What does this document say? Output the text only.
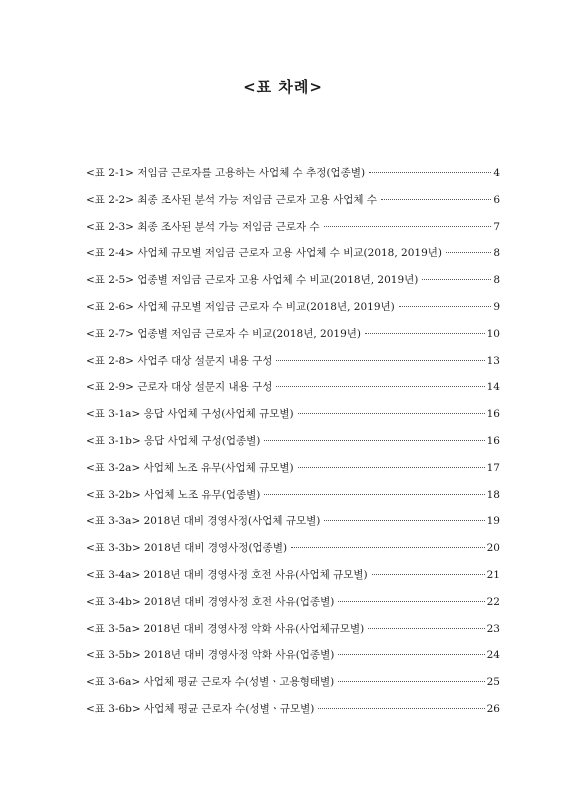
<표 차례>
<표 2-1> 저임금 근로자를 고용하는 사업체 수 추정(업종별)	4
<표 2-2> 최종 조사된 분석 가능 저임금 근로자 고용 사업체 수	6
<표 2-3> 최종 조사된 분석 가능 저임금 근로자 수	7
<표 2-4> 사업체 규모별 저임금 근로자 고용 사업체 수 비교(2018, 2019년)	8
<표 2-5> 업종별 저임금 근로자 고용 사업체 수 비교(2018년, 2019년)	8
<표 2-6> 사업체 규모별 저임금 근로자 수 비교(2018년, 2019년)	9
<표 2-7> 업종별 저임금 근로자 수 비교(2018년, 2019년)	10
<표 2-8> 사업주 대상 설문지 내용 구성	13
<표 2-9> 근로자 대상 설문지 내용 구성	14
<표 3-1a> 응답 사업체 구성(사업체 규모별)	16
<표 3-1b> 응답 사업체 구성(업종별)	16
<표 3-2a> 사업체 노조 유무(사업체 규모별)	17
<표 3-2b> 사업체 노조 유무(업종별)	18
<표 3-3a> 2018년 대비 경영사정(사업체 규모별)	19
<표 3-3b> 2018년 대비 경영사정(업종별)	20
<표 3-4a> 2018년 대비 경영사정 호전 사유(사업체 규모별)	21
<표 3-4b> 2018년 대비 경영사정 호전 사유(업종별)	22
<표 3-5a> 2018년 대비 경영사정 악화 사유(사업체규모별)	23
<표 3-5b> 2018년 대비 경영사정 악화 사유(업종별)	24
<표 3-6a> 사업체 평균 근로자 수(성별ㆍ고용형태별)	25
<표 3-6b> 사업체 평균 근로자 수(성별ㆍ규모별)	26
